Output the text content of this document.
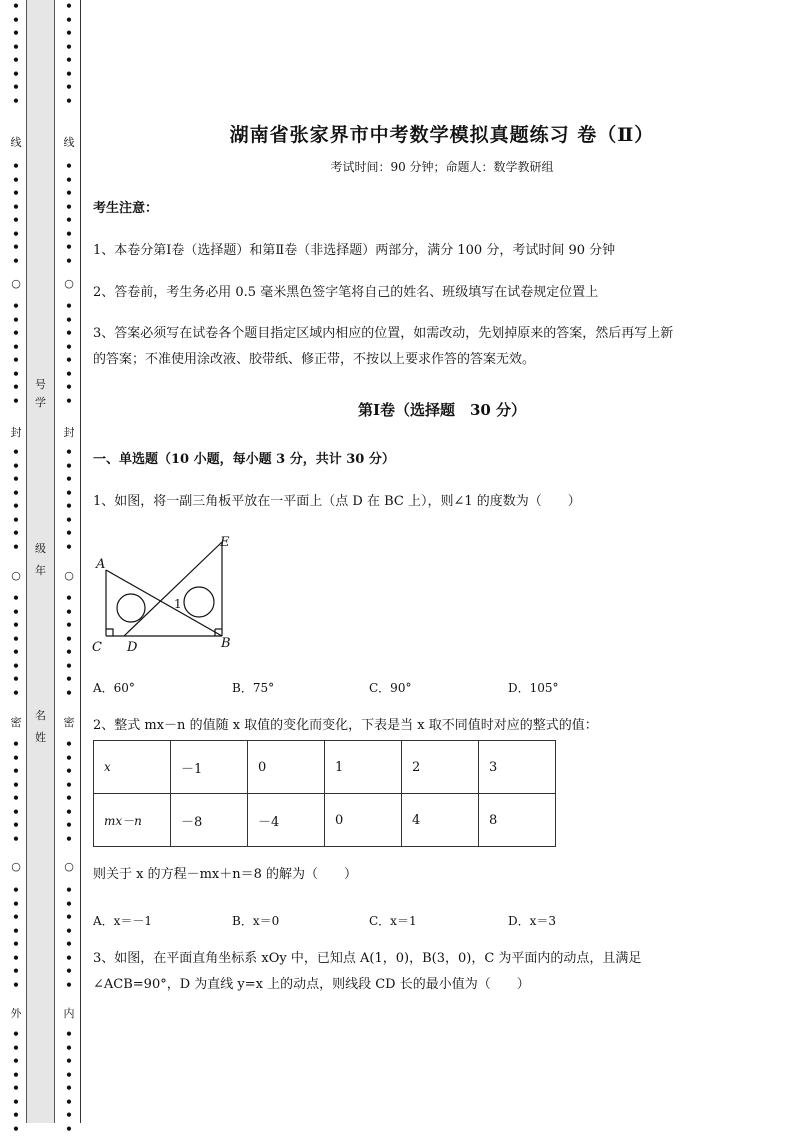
• • • • • • • •
线
• • • • • • • •
○
• • • • • • • •
封
• • • • • • • •
○
• • • • • • • •
密
• • • • • • • •
○
• • • • • • • •
外
• • • • • • • •
号
学
级
年
名
姓
• • • • • • • •
线
• • • • • • • •
○
• • • • • • • •
封
• • • • • • • •
○
• • • • • • • •
密
• • • • • • • •
○
• • • • • • • •
内
• • • • • • • •
湖南省张家界市中考数学模拟真题练习 卷（Ⅱ）
考试时间：90 分钟；命题人：数学教研组
考生注意：
1、本卷分第Ⅰ卷（选择题）和第Ⅱ卷（非选择题）两部分，满分 100 分，考试时间 90 分钟
2、答卷前，考生务必用 0.5 毫米黑色签字笔将自己的姓名、班级填写在试卷规定位置上
3、答案必须写在试卷各个题目指定区域内相应的位置，如需改动，先划掉原来的答案，然后再写上新
的答案；不准使用涂改液、胶带纸、修正带，不按以上要求作答的答案无效。
第Ⅰ卷（选择题　30 分）
一、单选题（10 小题，每小题 3 分，共计 30 分）
1、如图，将一副三角板平放在一平面上（点 D 在 BC 上），则∠1 的度数为（　　）
A
E
C D	B
1
A．60°	B．75°	C．90°	D．105°
2、整式 mx－n 的值随 x 取值的变化而变化，下表是当 x 取不同值时对应的整式的值：
x	－1	0	1	2	3
mx－n	－8	－4	0	4	8
则关于 x 的方程－mx＋n＝8 的解为（　　）
A．x＝－1	B．x＝0	C．x＝1	D．x＝3
3、如图，在平面直角坐标系 xOy 中，已知点 A(1，0)，B(3，0)，C 为平面内的动点，且满足
∠ACB=90°，D 为直线 y=x 上的动点，则线段 CD 长的最小值为（　　）
